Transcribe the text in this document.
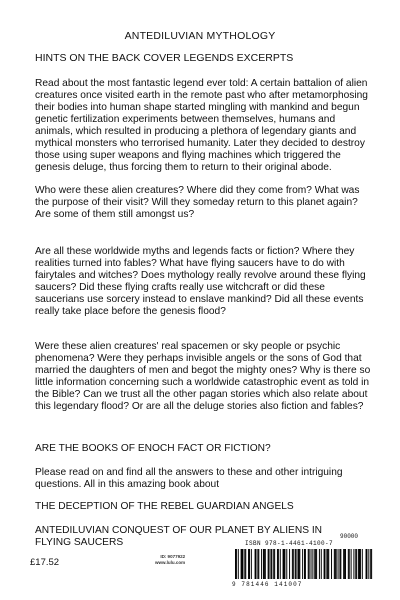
ANTEDILUVIAN MYTHOLOGY
HINTS ON THE BACK COVER LEGENDS EXCERPTS
Read about the most fantastic legend ever told: A certain battalion of alien creatures once visited earth in the remote past who after metamorphosing their bodies into human shape started mingling with mankind and begun genetic fertilization experiments between themselves, humans and animals, which resulted in producing a plethora of legendary giants and mythical monsters who terrorised humanity. Later they decided to destroy those using super weapons and flying machines which triggered the genesis deluge, thus forcing them to return to their original abode.
Who were these alien creatures? Where did they come from? What was the purpose of their visit? Will they someday return to this planet again? Are some of them still amongst us?
Are all these worldwide myths and legends facts or fiction? Where they realities turned into fables? What have flying saucers have to do with fairytales and witches? Does mythology really revolve around these flying saucers? Did these flying crafts really use witchcraft or did these saucerians use sorcery instead to enslave mankind? Did all these events really take place before the genesis flood?
Were these alien creatures' real spacemen or sky people or psychic phenomena? Were they perhaps invisible angels or the sons of God that married the daughters of men and begot the mighty ones? Why is there so little information concerning such a worldwide catastrophic event as told in the Bible? Can we trust all the other pagan stories which also relate about this legendary flood? Or are all the deluge stories also fiction and fables?
ARE THE BOOKS OF ENOCH FACT OR FICTION?
Please read on and find all the answers to these and other intriguing questions. All in this amazing book about
THE DECEPTION OF THE REBEL GUARDIAN ANGELS
ANTEDILUVIAN CONQUEST OF OUR PLANET BY ALIENS IN FLYING SAUCERS
£17.52
ID: 9077922
www.lulu.com
ISBN 978-1-4461-4100-7
90000
9 781446 141007
